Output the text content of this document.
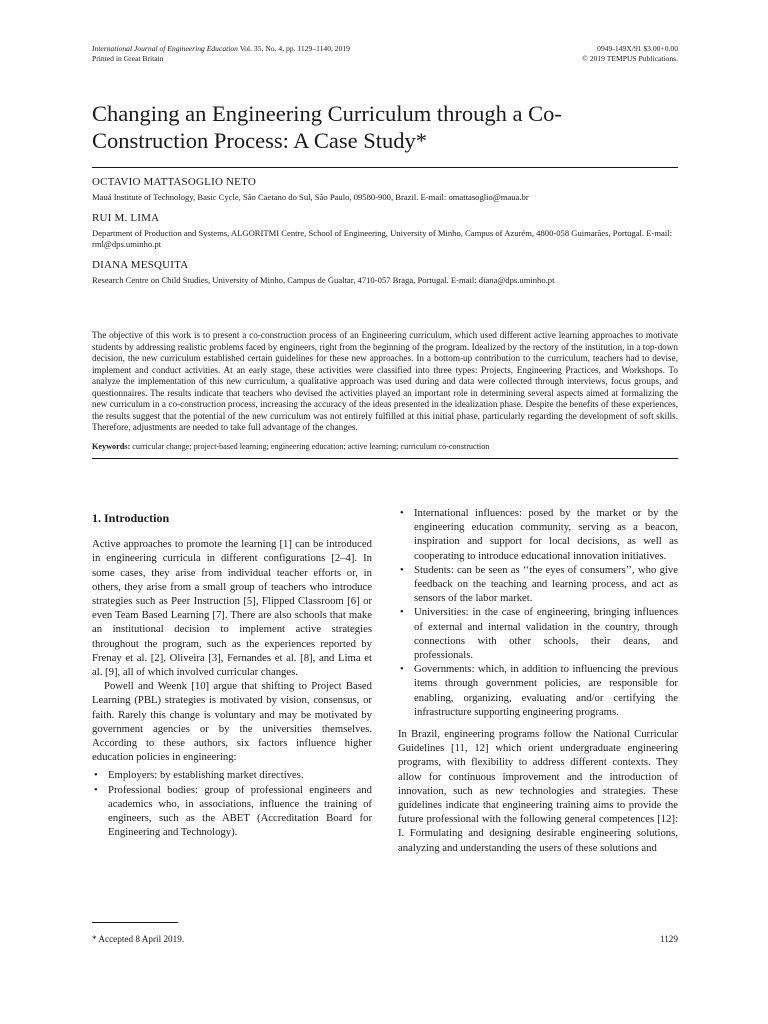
International Journal of Engineering Education Vol. 35, No. 4, pp. 1129–1140, 2019
Printed in Great Britain
0949-149X/91 $3.00+0.00
© 2019 TEMPUS Publications.
Changing an Engineering Curriculum through a Co-Construction Process: A Case Study*
OCTAVIO MATTASOGLIO NETO
Mauá Institute of Technology, Basic Cycle, São Caetano do Sul, São Paulo, 09580-900, Brazil. E-mail: omattasoglio@maua.br
RUI M. LIMA
Department of Production and Systems, ALGORITMI Centre, School of Engineering, University of Minho, Campus of Azurém, 4800-058 Guimarães, Portugal. E-mail: rml@dps.uminho.pt
DIANA MESQUITA
Research Centre on Child Studies, University of Minho, Campus de Gualtar, 4710-057 Braga, Portugal. E-mail: diana@dps.uminho.pt
The objective of this work is to present a co-construction process of an Engineering curriculum, which used different active learning approaches to motivate students by addressing realistic problems faced by engineers, right from the beginning of the program. Idealized by the rectory of the institution, in a top-down decision, the new curriculum established certain guidelines for these new approaches. In a bottom-up contribution to the curriculum, teachers had to devise, implement and conduct activities. At an early stage, these activities were classified into three types: Projects, Engineering Practices, and Workshops. To analyze the implementation of this new curriculum, a qualitative approach was used during and data were collected through interviews, focus groups, and questionnaires. The results indicate that teachers who devised the activities played an important role in determining several aspects aimed at formalizing the new curriculum in a co-construction process, increasing the accuracy of the ideas presented in the idealization phase. Despite the benefits of these experiences, the results suggest that the potential of the new curriculum was not entirely fulfilled at this initial phase, particularly regarding the development of soft skills. Therefore, adjustments are needed to take full advantage of the changes.
Keywords: curricular change; project-based learning; engineering education; active learning; curriculum co-construction
1. Introduction

Active approaches to promote the learning [1] can be introduced in engineering curricula in different configurations [2–4]. In some cases, they arise from individual teacher efforts or, in others, they arise from a small group of teachers who introduce strategies such as Peer Instruction [5], Flipped Classroom [6] or even Team Based Learning [7]. There are also schools that make an institutional decision to implement active strategies throughout the program, such as the experiences reported by Frenay et al. [2], Oliveira [3], Fernandes et al. [8], and Lima et al. [9], all of which involved curricular changes.

Powell and Weenk [10] argue that shifting to Project Based Learning (PBL) strategies is motivated by vision, consensus, or faith. Rarely this change is voluntary and may be motivated by government agencies or by the universities themselves. According to these authors, six factors influence higher education policies in engineering:

• Employers: by establishing market directives.
• Professional bodies: group of professional engineers and academics who, in associations, influence the training of engineers, such as the ABET (Accreditation Board for Engineering and Technology).
• International influences: posed by the market or by the engineering education community, serving as a beacon, inspiration and support for local decisions, as well as cooperating to introduce educational innovation initiatives.
• Students: can be seen as ‘‘the eyes of consumers’’, who give feedback on the teaching and learning process, and act as sensors of the labor market.
• Universities: in the case of engineering, bringing influences of external and internal validation in the country, through connections with other schools, their deans, and professionals.
• Governments: which, in addition to influencing the previous items through government policies, are responsible for enabling, organizing, evaluating and/or certifying the infrastructure supporting engineering programs.

In Brazil, engineering programs follow the National Curricular Guidelines [11, 12] which orient undergraduate engineering programs, with flexibility to address different contexts. They allow for continuous improvement and the introduction of innovation, such as new technologies and strategies. These guidelines indicate that engineering training aims to provide the future professional with the following general competences [12]: I. Formulating and designing desirable engineering solutions, analyzing and understanding the users of these solutions and

* Accepted 8 April 2019.	1129
